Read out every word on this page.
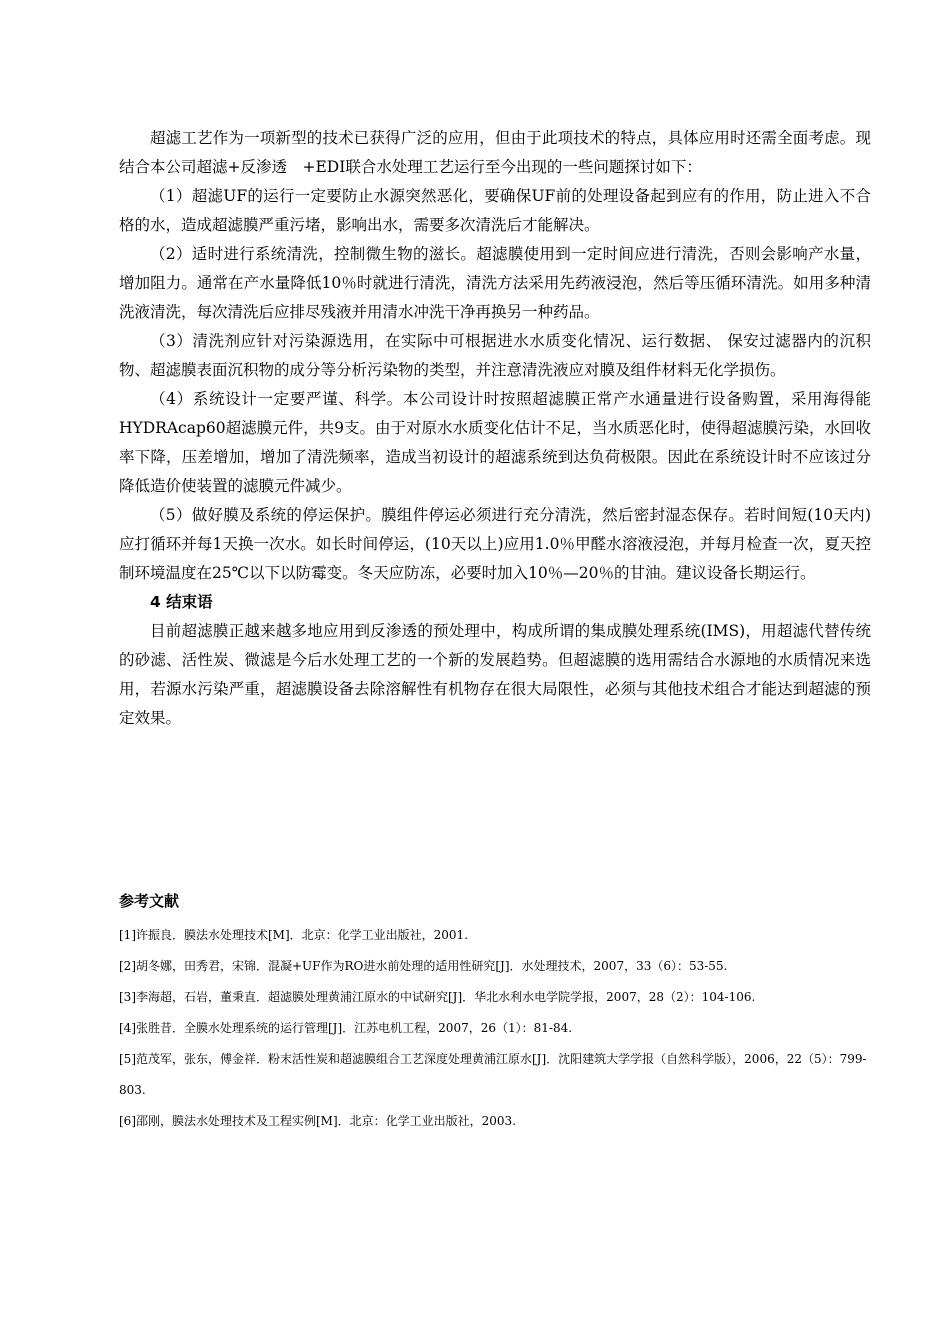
超滤工艺作为一项新型的技术已获得广泛的应用，但由于此项技术的特点，具体应用时还需全面考虑。现结合本公司超滤+反渗透　+EDI联合水处理工艺运行至今出现的一些问题探讨如下：

（1）超滤UF的运行一定要防止水源突然恶化，要确保UF前的处理设备起到应有的作用，防止进入不合格的水，造成超滤膜严重污堵，影响出水，需要多次清洗后才能解决。

（2）适时进行系统清洗，控制微生物的滋长。超滤膜使用到一定时间应进行清洗，否则会影响产水量，增加阻力。通常在产水量降低10％时就进行清洗，清洗方法采用先药液浸泡，然后等压循环清洗。如用多种清洗液清洗，每次清洗后应排尽残液并用清水冲洗干净再换另一种药品。

（3）清洗剂应针对污染源选用，在实际中可根据进水水质变化情况、运行数据、 保安过滤器内的沉积物、超滤膜表面沉积物的成分等分析污染物的类型，并注意清洗液应对膜及组件材料无化学损伤。

（4）系统设计一定要严谨、科学。本公司设计时按照超滤膜正常产水通量进行设备购置，采用海得能HYDRAcap60超滤膜元件，共9支。由于对原水水质变化估计不足，当水质恶化时，使得超滤膜污染，水回收率下降，压差增加，增加了清洗频率，造成当初设计的超滤系统到达负荷极限。因此在系统设计时不应该过分降低造价使装置的滤膜元件减少。

（5）做好膜及系统的停运保护。膜组件停运必须进行充分清洗，然后密封湿态保存。若时间短(10天内)应打循环并每1天换一次水。如长时间停运，(10天以上)应用1.0％甲醛水溶液浸泡，并每月检查一次，夏天控制环境温度在25℃以下以防霉变。冬天应防冻，必要时加入10％—20％的甘油。建议设备长期运行。

4 结束语

目前超滤膜正越来越多地应用到反渗透的预处理中，构成所谓的集成膜处理系统(IMS)，用超滤代替传统的砂滤、活性炭、微滤是今后水处理工艺的一个新的发展趋势。但超滤膜的选用需结合水源地的水质情况来选用，若源水污染严重，超滤膜设备去除溶解性有机物存在很大局限性，必须与其他技术组合才能达到超滤的预定效果。

参考文献

[1]许振良．膜法水处理技术[M]．北京：化学工业出版社，2001.

[2]胡冬娜，田秀君，宋锦．混凝+UF作为RO进水前处理的适用性研究[J]．水处理技术，2007，33（6）：53-55.

[3]李海超，石岩，董秉直．超滤膜处理黄浦江原水的中试研究[J]．华北水利水电学院学报，2007，28（2）：104-106.

[4]张胜昔．全膜水处理系统的运行管理[J]．江苏电机工程，2007，26（1）：81-84.

[5]范茂军，张东，傅金祥．粉末活性炭和超滤膜组合工艺深度处理黄浦江原水[J]．沈阳建筑大学学报（自然科学版），2006，22（5）：799-803.

[6]邵刚，膜法水处理技术及工程实例[M]．北京：化学工业出版社，2003.
